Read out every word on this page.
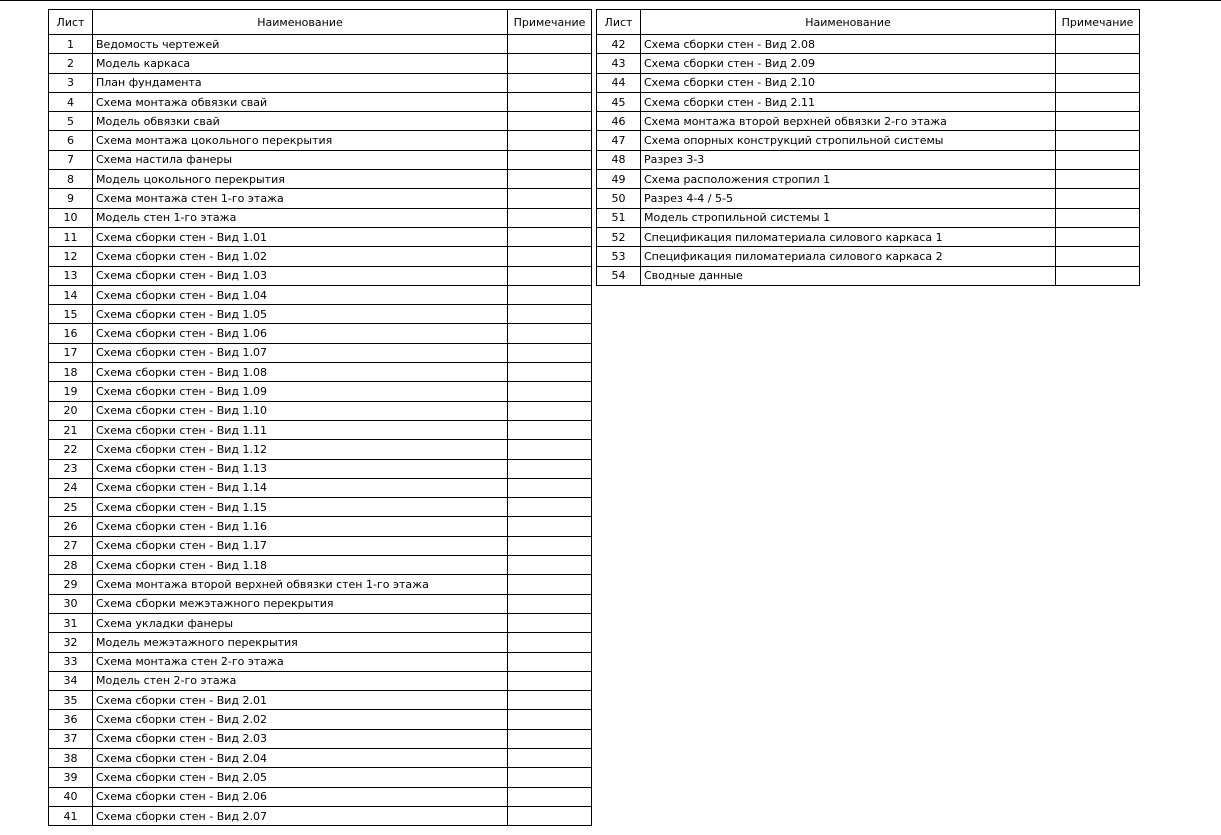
Лист	Наименование	Примечание
1	Ведомость чертежей	
2	Модель каркаса	
3	План фундамента	
4	Схема монтажа обвязки свай	
5	Модель обвязки свай	
6	Схема монтажа цокольного перекрытия	
7	Схема настила фанеры	
8	Модель цокольного перекрытия	
9	Схема монтажа стен 1-го этажа	
10	Модель стен 1-го этажа	
11	Схема сборки стен - Вид 1.01	
12	Схема сборки стен - Вид 1.02	
13	Схема сборки стен - Вид 1.03	
14	Схема сборки стен - Вид 1.04	
15	Схема сборки стен - Вид 1.05	
16	Схема сборки стен - Вид 1.06	
17	Схема сборки стен - Вид 1.07	
18	Схема сборки стен - Вид 1.08	
19	Схема сборки стен - Вид 1.09	
20	Схема сборки стен - Вид 1.10	
21	Схема сборки стен - Вид 1.11	
22	Схема сборки стен - Вид 1.12	
23	Схема сборки стен - Вид 1.13	
24	Схема сборки стен - Вид 1.14	
25	Схема сборки стен - Вид 1.15	
26	Схема сборки стен - Вид 1.16	
27	Схема сборки стен - Вид 1.17	
28	Схема сборки стен - Вид 1.18	
29	Схема монтажа второй верхней обвязки стен 1-го этажа	
30	Схема сборки межэтажного перекрытия	
31	Схема укладки фанеры	
32	Модель межэтажного перекрытия	
33	Схема монтажа стен 2-го этажа	
34	Модель стен 2-го этажа	
35	Схема сборки стен - Вид 2.01	
36	Схема сборки стен - Вид 2.02	
37	Схема сборки стен - Вид 2.03	
38	Схема сборки стен - Вид 2.04	
39	Схема сборки стен - Вид 2.05	
40	Схема сборки стен - Вид 2.06	
41	Схема сборки стен - Вид 2.07	
Лист	Наименование	Примечание
42	Схема сборки стен - Вид 2.08	
43	Схема сборки стен - Вид 2.09	
44	Схема сборки стен - Вид 2.10	
45	Схема сборки стен - Вид 2.11	
46	Схема монтажа второй верхней обвязки 2-го этажа	
47	Схема опорных конструкций стропильной системы	
48	Разрез 3-3	
49	Схема расположения стропил 1	
50	Разрез 4-4 / 5-5	
51	Модель стропильной системы 1	
52	Спецификация пиломатериала силового каркаса 1	
53	Спецификация пиломатериала силового каркаса 2	
54	Сводные данные	
